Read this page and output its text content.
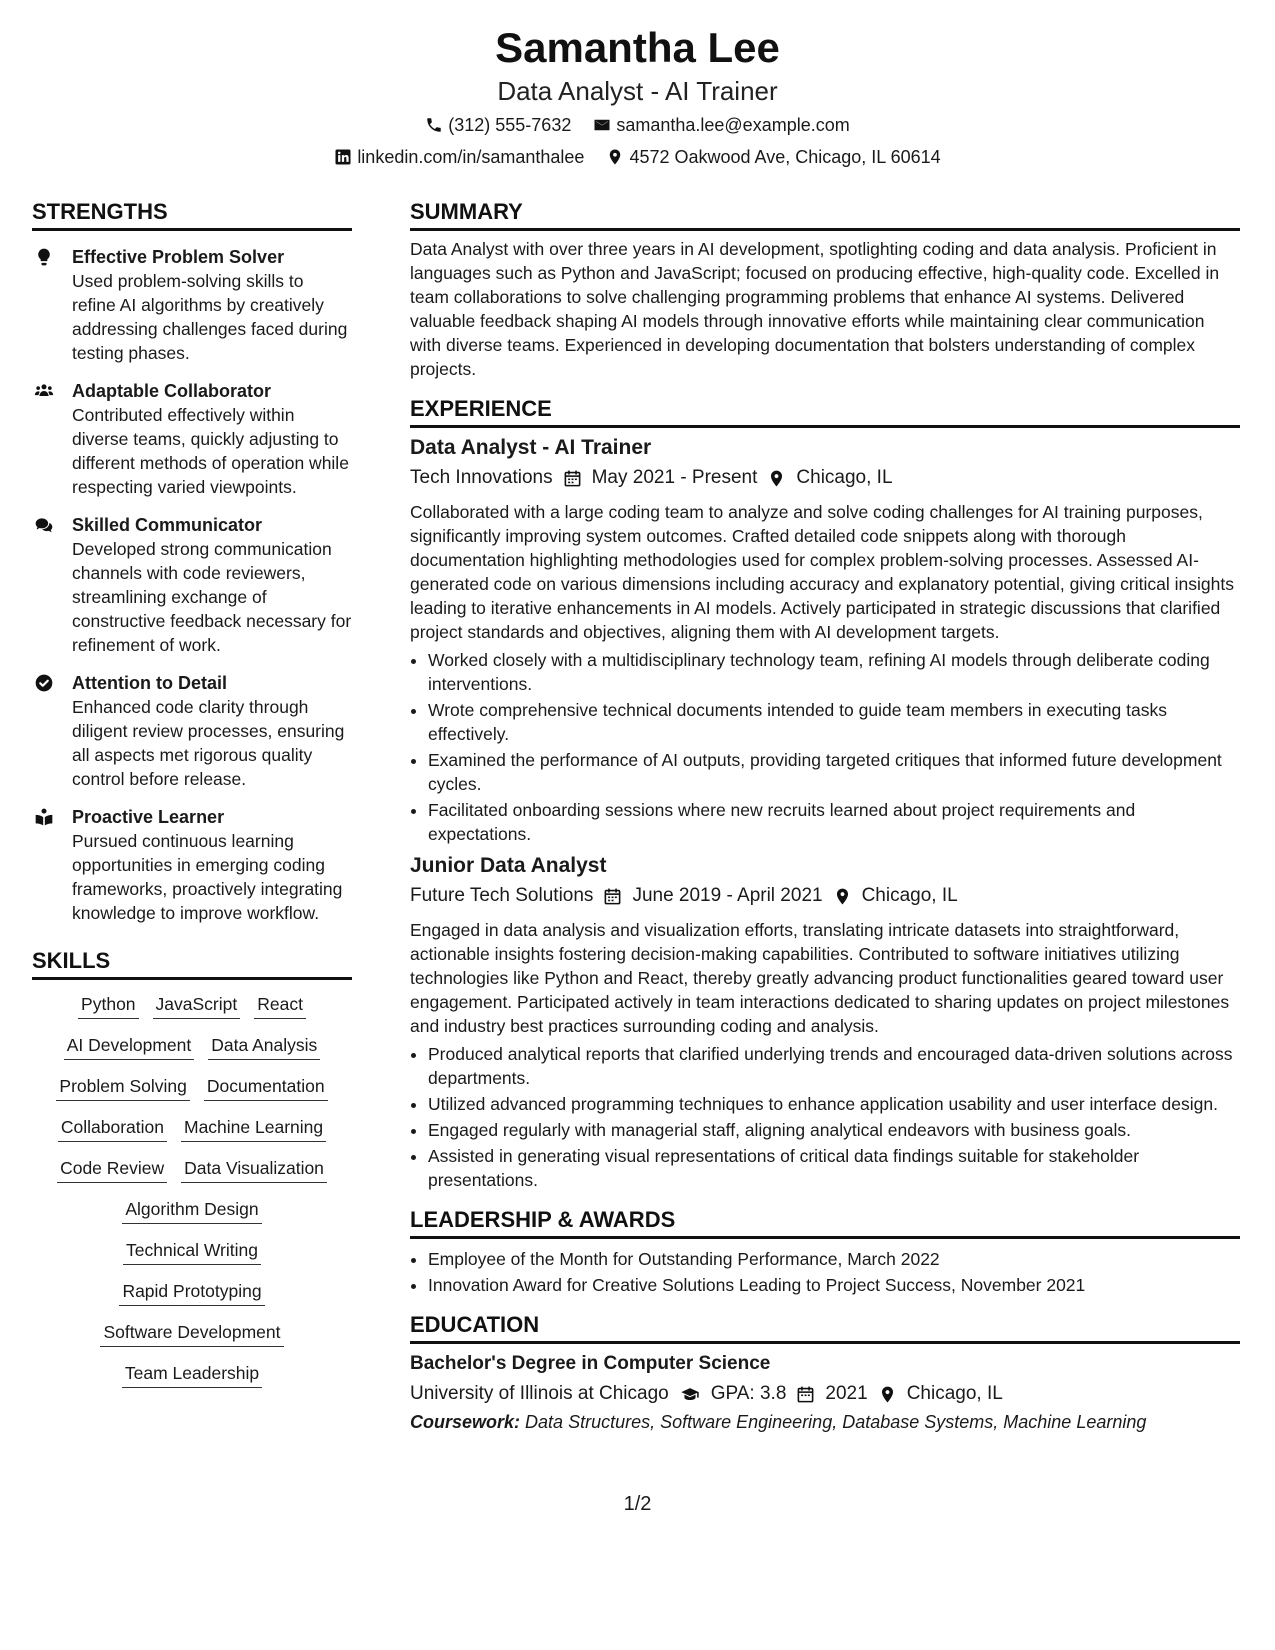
Samantha Lee
Data Analyst - AI Trainer
(312) 555-7632	samantha.lee@example.com
linkedin.com/in/samanthalee	4572 Oakwood Ave, Chicago, IL 60614
STRENGTHS
Effective Problem Solver
Used problem-solving skills to refine AI algorithms by creatively addressing challenges faced during testing phases.
Adaptable Collaborator
Contributed effectively within diverse teams, quickly adjusting to different methods of operation while respecting varied viewpoints.
Skilled Communicator
Developed strong communication channels with code reviewers, streamlining exchange of constructive feedback necessary for refinement of work.
Attention to Detail
Enhanced code clarity through diligent review processes, ensuring all aspects met rigorous quality control before release.
Proactive Learner
Pursued continuous learning opportunities in emerging coding frameworks, proactively integrating knowledge to improve workflow.
SKILLS
Python JavaScript React
AI Development Data Analysis
Problem Solving Documentation
Collaboration Machine Learning
Code Review Data Visualization
Algorithm Design
Technical Writing
Rapid Prototyping
Software Development
Team Leadership
SUMMARY
Data Analyst with over three years in AI development, spotlighting coding and data analysis. Proficient in languages such as Python and JavaScript; focused on producing effective, high-quality code. Excelled in team collaborations to solve challenging programming problems that enhance AI systems. Delivered valuable feedback shaping AI models through innovative efforts while maintaining clear communication with diverse teams. Experienced in developing documentation that bolsters understanding of complex projects.
EXPERIENCE
Data Analyst - AI Trainer
Tech Innovations May 2021 - Present Chicago, IL
Collaborated with a large coding team to analyze and solve coding challenges for AI training purposes, significantly improving system outcomes. Crafted detailed code snippets along with thorough documentation highlighting methodologies used for complex problem-solving processes. Assessed AI-generated code on various dimensions including accuracy and explanatory potential, giving critical insights leading to iterative enhancements in AI models. Actively participated in strategic discussions that clarified project standards and objectives, aligning them with AI development targets.
• Worked closely with a multidisciplinary technology team, refining AI models through deliberate coding interventions.
• Wrote comprehensive technical documents intended to guide team members in executing tasks effectively.
• Examined the performance of AI outputs, providing targeted critiques that informed future development cycles.
• Facilitated onboarding sessions where new recruits learned about project requirements and expectations.
Junior Data Analyst
Future Tech Solutions June 2019 - April 2021 Chicago, IL
Engaged in data analysis and visualization efforts, translating intricate datasets into straightforward, actionable insights fostering decision-making capabilities. Contributed to software initiatives utilizing technologies like Python and React, thereby greatly advancing product functionalities geared toward user engagement. Participated actively in team interactions dedicated to sharing updates on project milestones and industry best practices surrounding coding and analysis.
• Produced analytical reports that clarified underlying trends and encouraged data-driven solutions across departments.
• Utilized advanced programming techniques to enhance application usability and user interface design.
• Engaged regularly with managerial staff, aligning analytical endeavors with business goals.
• Assisted in generating visual representations of critical data findings suitable for stakeholder presentations.
LEADERSHIP & AWARDS
• Employee of the Month for Outstanding Performance, March 2022
• Innovation Award for Creative Solutions Leading to Project Success, November 2021
EDUCATION
Bachelor's Degree in Computer Science
University of Illinois at Chicago GPA: 3.8 2021 Chicago, IL
Coursework: Data Structures, Software Engineering, Database Systems, Machine Learning
1/2
